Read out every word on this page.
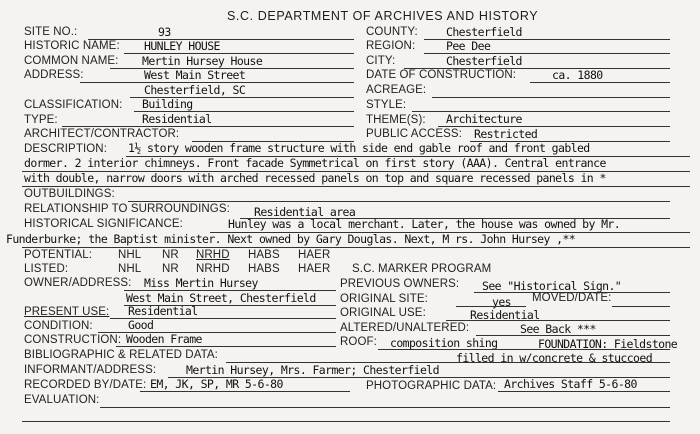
S.C. DEPARTMENT OF ARCHIVES AND HISTORY
SITE NO.:	93
HISTORIC NAME: HUNLEY HOUSE
COMMON NAME: Mertin Hursey House
ADDRESS:	West Main Street
Chesterfield, SC
CLASSIFICATION: Building
TYPE:	Residential
ARCHITECT/CONTRACTOR:
COUNTY: Chesterfield
REGION:	Pee Dee
CITY:	Chesterfield
DATE OF CONSTRUCTION:	ca. 1880
ACREAGE:
STYLE:
THEME(S): Architecture
PUBLIC ACCESS: Restricted
DESCRIPTION: 1½ story wooden frame structure with side end gable roof and front gabled
dormer. 2 interior chimneys. Front facade Symmetrical on first story (AAA). Central entrance
with double, narrow doors with arched recessed panels on top and square recessed panels in *
OUTBUILDINGS:
RELATIONSHIP TO SURROUNDINGS: Residential area
HISTORICAL SIGNIFICANCE:	Hunley was a local merchant. Later, the house was owned by Mr.
Funderburke; the Baptist minister. Next owned by Gary Douglas. Next, M rs. John Hursey ,**
POTENTIAL: NHL NR NRHD HABS HAER
LISTED:	NHL NR NRHD HABS HAER S.C. MARKER PROGRAM
OWNER/ADDRESS: Miss Mertin Hursey
West Main Street, Chesterfield
PREVIOUS OWNERS: See "Historical Sign."
ORIGINAL SITE:	yes MOVED/DATE:
PRESENT USE: Residential	ORIGINAL USE:	Residential
CONDITION:	Good	ALTERED/UNALTERED:	See Back ***
CONSTRUCTION: Wooden Frame	ROOF: composition shing	FOUNDATION: Fieldstone
filled in w/concrete & stuccoed
BIBLIOGRAPHIC & RELATED DATA:
INFORMANT/ADDRESS:	Mertin Hursey, Mrs. Farmer; Chesterfield
RECORDED BY/DATE: EM, JK, SP, MR 5-6-80	PHOTOGRAPHIC DATA: Archives Staff 5-6-80
EVALUATION:
